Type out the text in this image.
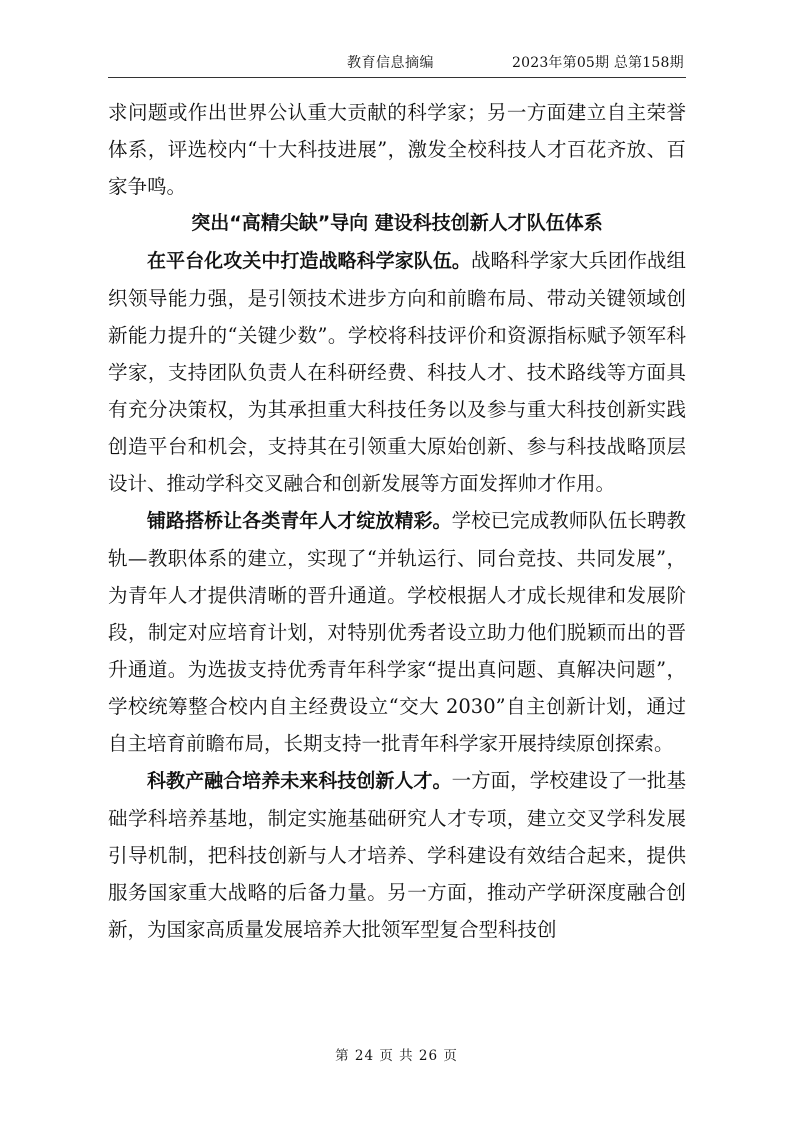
教育信息摘编	2023年第05期 总第158期

求问题或作出世界公认重大贡献的科学家；另一方面建立自主荣誉体系，评选校内“十大科技进展”，激发全校科技人才百花齐放、百家争鸣。

突出“高精尖缺”导向 建设科技创新人才队伍体系

在平台化攻关中打造战略科学家队伍。战略科学家大兵团作战组织领导能力强，是引领技术进步方向和前瞻布局、带动关键领域创新能力提升的“关键少数”。学校将科技评价和资源指标赋予领军科学家，支持团队负责人在科研经费、科技人才、技术路线等方面具有充分决策权，为其承担重大科技任务以及参与重大科技创新实践创造平台和机会，支持其在引领重大原始创新、参与科技战略顶层设计、推动学科交叉融合和创新发展等方面发挥帅才作用。

铺路搭桥让各类青年人才绽放精彩。学校已完成教师队伍长聘教轨—教职体系的建立，实现了“并轨运行、同台竞技、共同发展”，为青年人才提供清晰的晋升通道。学校根据人才成长规律和发展阶段，制定对应培育计划，对特别优秀者设立助力他们脱颖而出的晋升通道。为选拔支持优秀青年科学家“提出真问题、真解决问题”，学校统筹整合校内自主经费设立“交大 2030”自主创新计划，通过自主培育前瞻布局，长期支持一批青年科学家开展持续原创探索。

科教产融合培养未来科技创新人才。一方面，学校建设了一批基础学科培养基地，制定实施基础研究人才专项，建立交叉学科发展引导机制，把科技创新与人才培养、学科建设有效结合起来，提供服务国家重大战略的后备力量。另一方面，推动产学研深度融合创新，为国家高质量发展培养大批领军型复合型科技创

第 24 页 共 26 页
